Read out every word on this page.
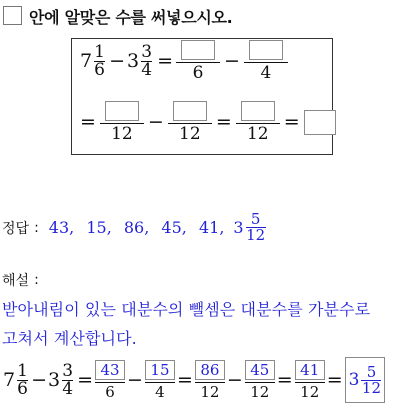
안에 알맞은 수를 써넣으시오.
$7 \frac{1}{6} - 3 \frac{3}{4}$ =
6
−
4
=
12
−
12
=
12
=
정답 : 43, 15, 86, 45, 41, $3 \frac{5}{12}$
해설 :
받아내림이 있는 대분수의 뺄셈은 대분수를 가분수로
고쳐서 계산합니다.
$7 \frac{1}{6} - 3 \frac{3}{4} = \frac{43}{6} - \frac{15}{4} = \frac{86}{12} - \frac{45}{12} = \frac{41}{12} = 3 \frac{5}{12}$
